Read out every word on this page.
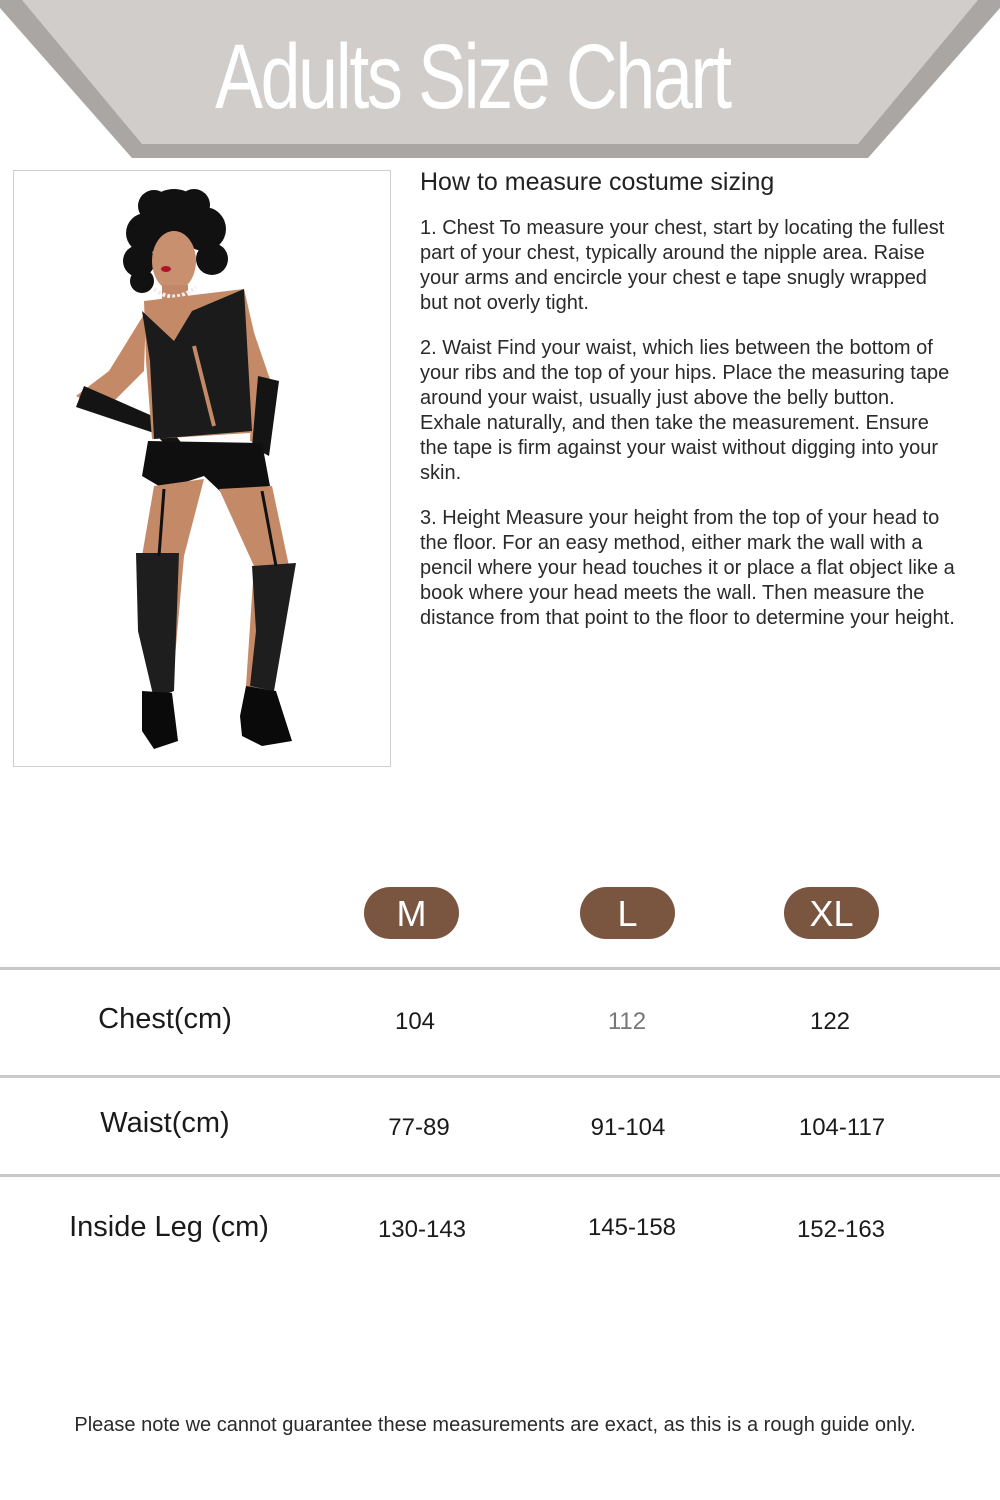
Adults Size Chart
How to measure costume sizing

1. Chest To measure your chest, start by locating the fullest part of your chest, typically around the nipple area. Raise your arms and encircle your chest e tape snugly wrapped but not overly tight.

2. Waist Find your waist, which lies between the bottom of your ribs and the top of your hips. Place the measuring tape around your waist, usually just above the belly button. Exhale naturally, and then take the measurement. Ensure the tape is firm against your waist without digging into your skin.

3. Height Measure your height from the top of your head to the floor. For an easy method, either mark the wall with a pencil where your head touches it or place a flat object like a book where your head meets the wall. Then measure the distance from that point to the floor to determine your height.

M	L	XL
Chest(cm)	104	112	122
Waist(cm)	77-89	91-104	104-117
Inside Leg (cm)	130-143	145-158	152-163
Please note we cannot guarantee these measurements are exact, as this is a rough guide only.
